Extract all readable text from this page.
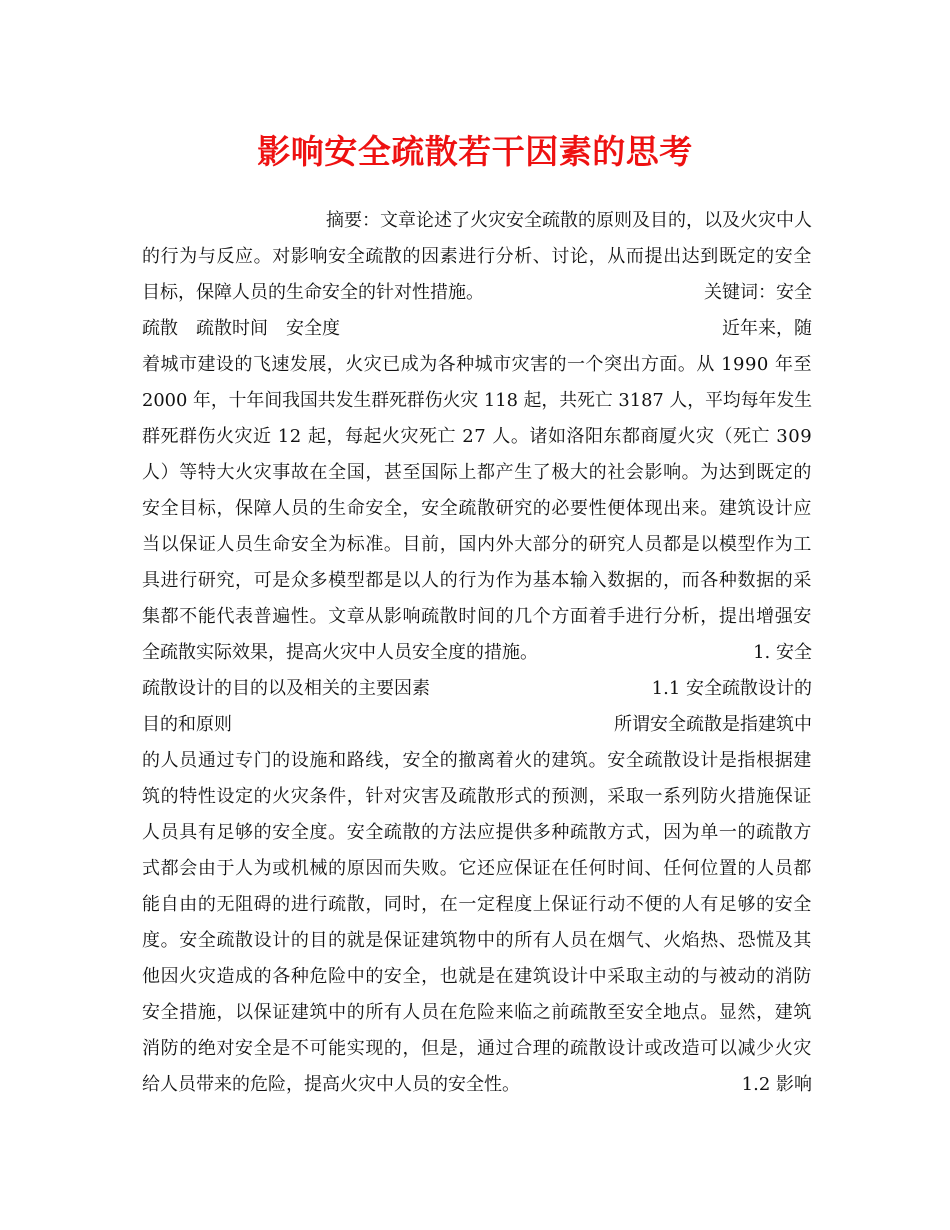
影响安全疏散若干因素的思考
摘要：文章论述了火灾安全疏散的原则及目的，以及火灾中人
的行为与反应。对影响安全疏散的因素进行分析、讨论，从而提出达到既定的安全
目标，保障人员的生命安全的针对性措施。	关键词：安全
疏散　疏散时间　安全度	近年来，随
着城市建设的飞速发展，火灾已成为各种城市灾害的一个突出方面。从 1990 年至
2000 年，十年间我国共发生群死群伤火灾 118 起，共死亡 3187 人，平均每年发生
群死群伤火灾近 12 起，每起火灾死亡 27 人。诸如洛阳东都商厦火灾（死亡 309
人）等特大火灾事故在全国，甚至国际上都产生了极大的社会影响。为达到既定的
安全目标，保障人员的生命安全，安全疏散研究的必要性便体现出来。建筑设计应
当以保证人员生命安全为标准。目前，国内外大部分的研究人员都是以模型作为工
具进行研究，可是众多模型都是以人的行为作为基本输入数据的，而各种数据的采
集都不能代表普遍性。文章从影响疏散时间的几个方面着手进行分析，提出增强安
全疏散实际效果，提高火灾中人员安全度的措施。	1. 安全
疏散设计的目的以及相关的主要因素	1.1 安全疏散设计的
目的和原则	所谓安全疏散是指建筑中
的人员通过专门的设施和路线，安全的撤离着火的建筑。安全疏散设计是指根据建
筑的特性设定的火灾条件，针对灾害及疏散形式的预测，采取一系列防火措施保证
人员具有足够的安全度。安全疏散的方法应提供多种疏散方式，因为单一的疏散方
式都会由于人为或机械的原因而失败。它还应保证在任何时间、任何位置的人员都
能自由的无阻碍的进行疏散，同时，在一定程度上保证行动不便的人有足够的安全
度。安全疏散设计的目的就是保证建筑物中的所有人员在烟气、火焰热、恐慌及其
他因火灾造成的各种危险中的安全，也就是在建筑设计中采取主动的与被动的消防
安全措施，以保证建筑中的所有人员在危险来临之前疏散至安全地点。显然，建筑
消防的绝对安全是不可能实现的，但是，通过合理的疏散设计或改造可以减少火灾
给人员带来的危险，提高火灾中人员的安全性。	1.2 影响
